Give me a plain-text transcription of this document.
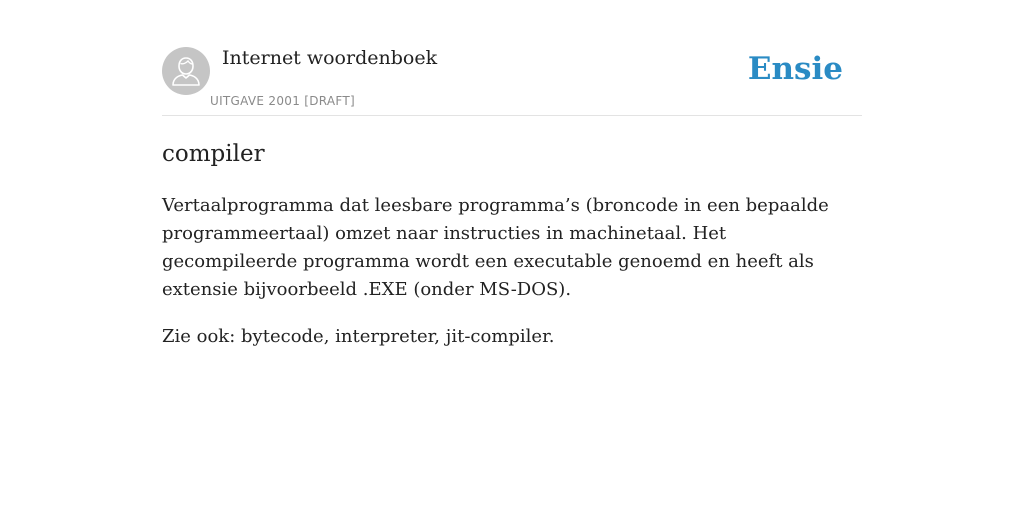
Internet woordenboek
UITGAVE 2001 [DRAFT]
Ensie
compiler

Vertaalprogramma dat leesbare programma’s (broncode in een bepaalde programmeertaal) omzet naar instructies in machinetaal. Het gecompileerde programma wordt een executable genoemd en heeft als extensie bijvoorbeeld .EXE (onder MS-DOS).

Zie ook: bytecode, interpreter, jit-compiler.
